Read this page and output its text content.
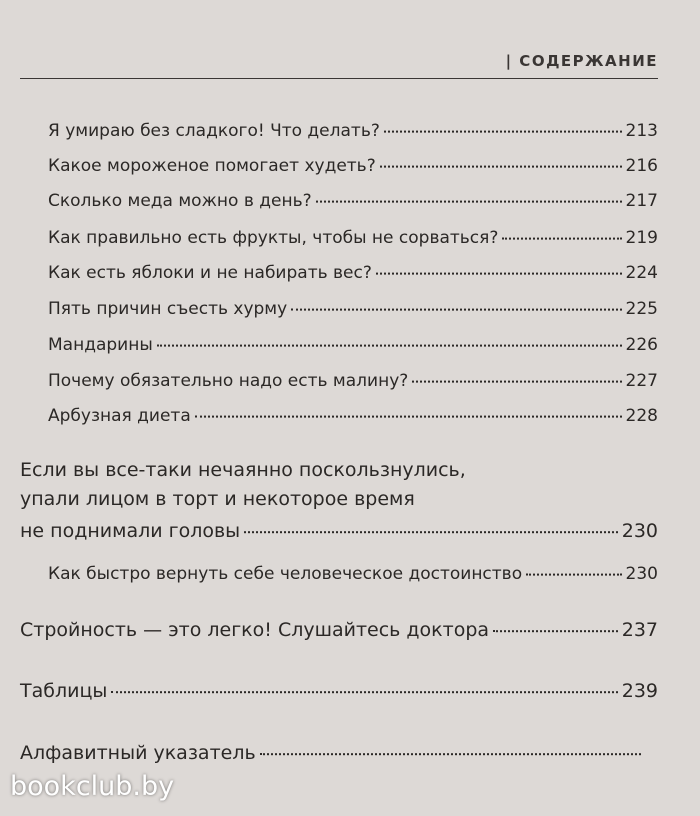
| СОДЕРЖАНИЕ
Я умираю без сладкого! Что делать?	213
Какое мороженое помогает худеть?	216
Сколько меда можно в день?	217
Как правильно есть фрукты, чтобы не сорваться?	219
Как есть яблоки и не набирать вес?	224
Пять причин съесть хурму	225
Мандарины	226
Почему обязательно надо есть малину?	227
Арбузная диета	228
Если вы все-таки нечаянно поскользнулись,
упали лицом в торт и некоторое время
не поднимали головы	230
Как быстро вернуть себе человеческое достоинство	230
Стройность — это легко! Слушайтесь доктора	237
Таблицы	239
Алфавитный указатель
bookclub.by
